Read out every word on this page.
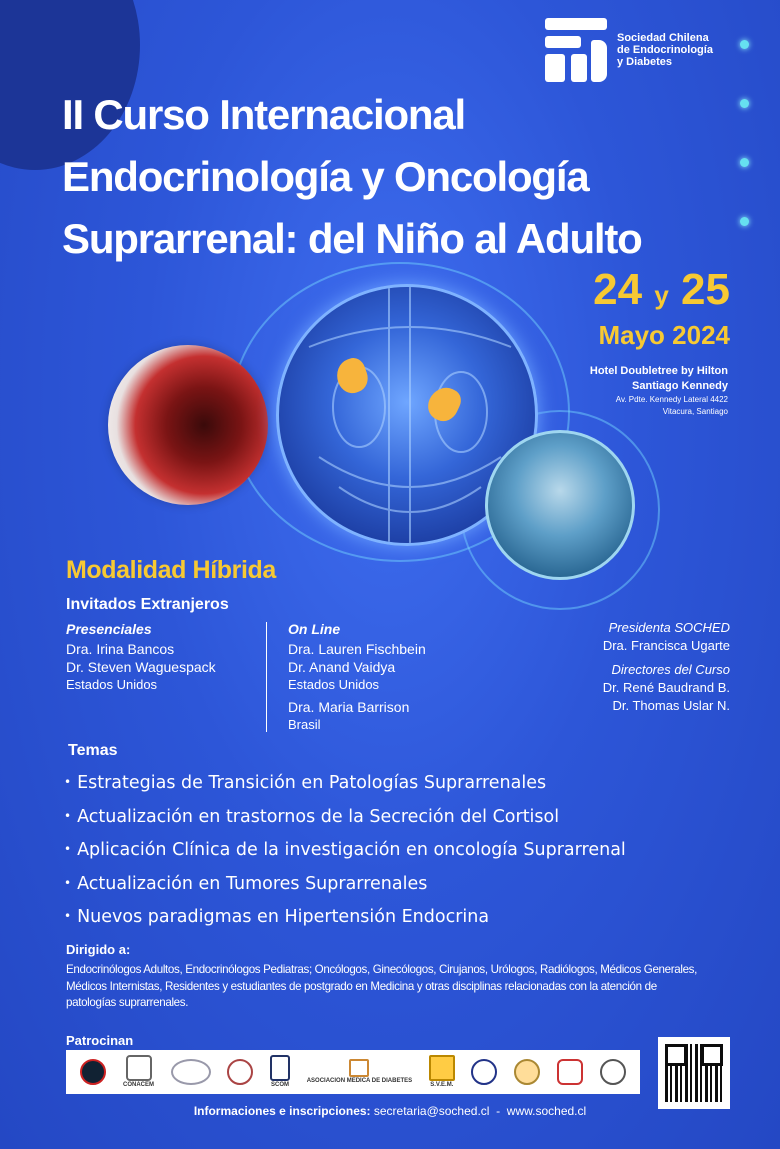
Sociedad Chilena
de Endocrinología
y Diabetes
II Curso Internacional
Endocrinología y Oncología
Suprarrenal: del Niño al Adulto
24 y 25
Mayo 2024
Hotel Doubletree by Hilton
Santiago Kennedy
Av. Pdte. Kennedy Lateral 4422
Vitacura, Santiago
Modalidad Híbrida
Invitados Extranjeros
Presenciales
Dra. Irina Bancos
Dr. Steven Waguespack
Estados Unidos
On Line
Dra. Lauren Fischbein
Dr. Anand Vaidya
Estados Unidos
Dra. Maria Barrison
Brasil
Presidenta SOCHED
Dra. Francisca Ugarte
Directores del Curso
Dr. René Baudrand B.
Dr. Thomas Uslar N.
Temas
• Estrategias de Transición en Patologías Suprarrenales
• Actualización en trastornos de la Secreción del Cortisol
• Aplicación Clínica de la investigación en oncología Suprarrenal
• Actualización en Tumores Suprarrenales
• Nuevos paradigmas en Hipertensión Endocrina
Dirigido a:
Endocrinólogos Adultos, Endocrinólogos Pediatras; Oncólogos, Ginecólogos, Cirujanos, Urólogos, Radiólogos, Médicos Generales, Médicos Internistas, Residentes y estudiantes de postgrado en Medicina y otras disciplinas relacionadas con la atención de patologías suprarrenales.
Patrocinan
CONACEM	SCOM
ASOCIACION MEDICA DE DIABETES
S.V.E.M.
Informaciones e inscripciones: secretaria@soched.cl - www.soched.cl
